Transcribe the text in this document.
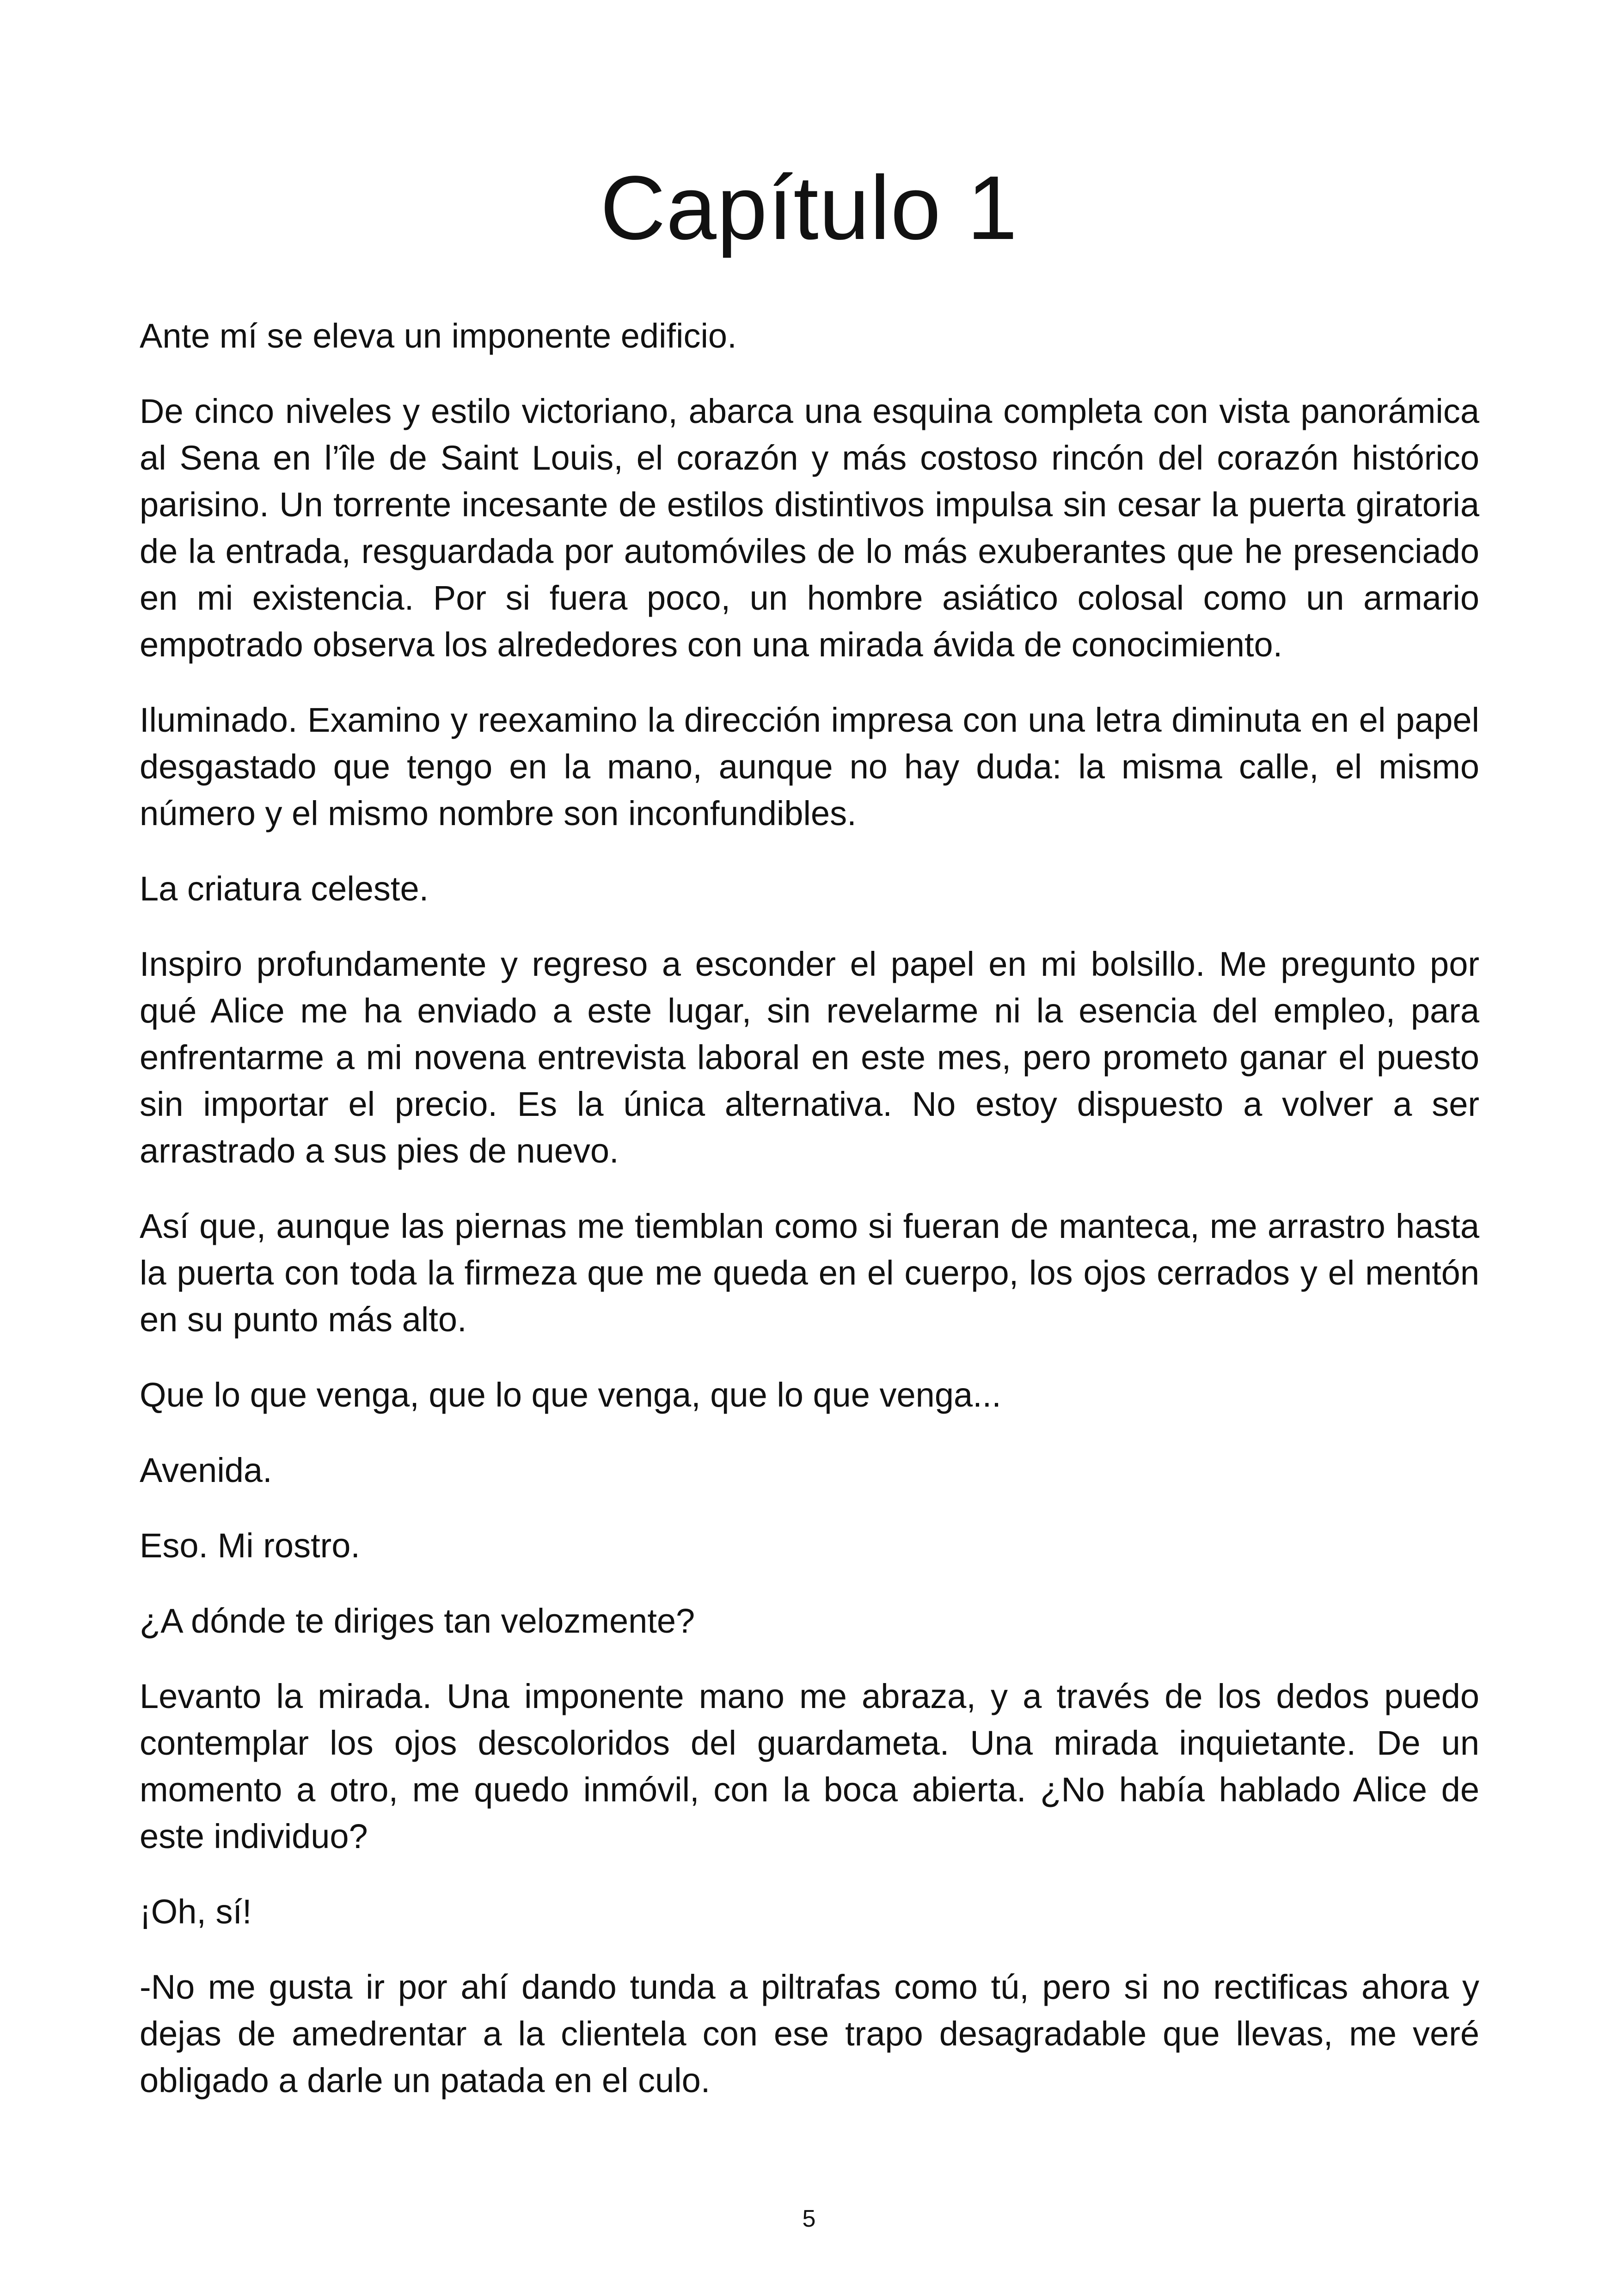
Capítulo 1

Ante mí se eleva un imponente edificio.

De cinco niveles y estilo victoriano, abarca una esquina completa con vista panorámica al Sena en l’île de Saint Louis, el corazón y más costoso rincón del corazón histórico parisino. Un torrente incesante de estilos distintivos impulsa sin cesar la puerta giratoria de la entrada, resguardada por automóviles de lo más exuberantes que he presenciado en mi existencia. Por si fuera poco, un hombre asiático colosal como un armario empotrado observa los alrededores con una mirada ávida de conocimiento.

Iluminado. Examino y reexamino la dirección impresa con una letra diminuta en el papel desgastado que tengo en la mano, aunque no hay duda: la misma calle, el mismo número y el mismo nombre son inconfundibles.

La criatura celeste.

Inspiro profundamente y regreso a esconder el papel en mi bolsillo. Me pregunto por qué Alice me ha enviado a este lugar, sin revelarme ni la esencia del empleo, para enfrentarme a mi novena entrevista laboral en este mes, pero prometo ganar el puesto sin importar el precio. Es la única alternativa. No estoy dispuesto a volver a ser arrastrado a sus pies de nuevo.

Así que, aunque las piernas me tiemblan como si fueran de manteca, me arrastro hasta la puerta con toda la firmeza que me queda en el cuerpo, los ojos cerrados y el mentón en su punto más alto.

Que lo que venga, que lo que venga, que lo que venga...

Avenida.

Eso. Mi rostro.

¿A dónde te diriges tan velozmente?

Levanto la mirada. Una imponente mano me abraza, y a través de los dedos puedo contemplar los ojos descoloridos del guardameta. Una mirada inquietante. De un momento a otro, me quedo inmóvil, con la boca abierta. ¿No había hablado Alice de este individuo?

¡Oh, sí!

-No me gusta ir por ahí dando tunda a piltrafas como tú, pero si no rectificas ahora y dejas de amedrentar a la clientela con ese trapo desagradable que llevas, me veré obligado a darle un patada en el culo.

5
